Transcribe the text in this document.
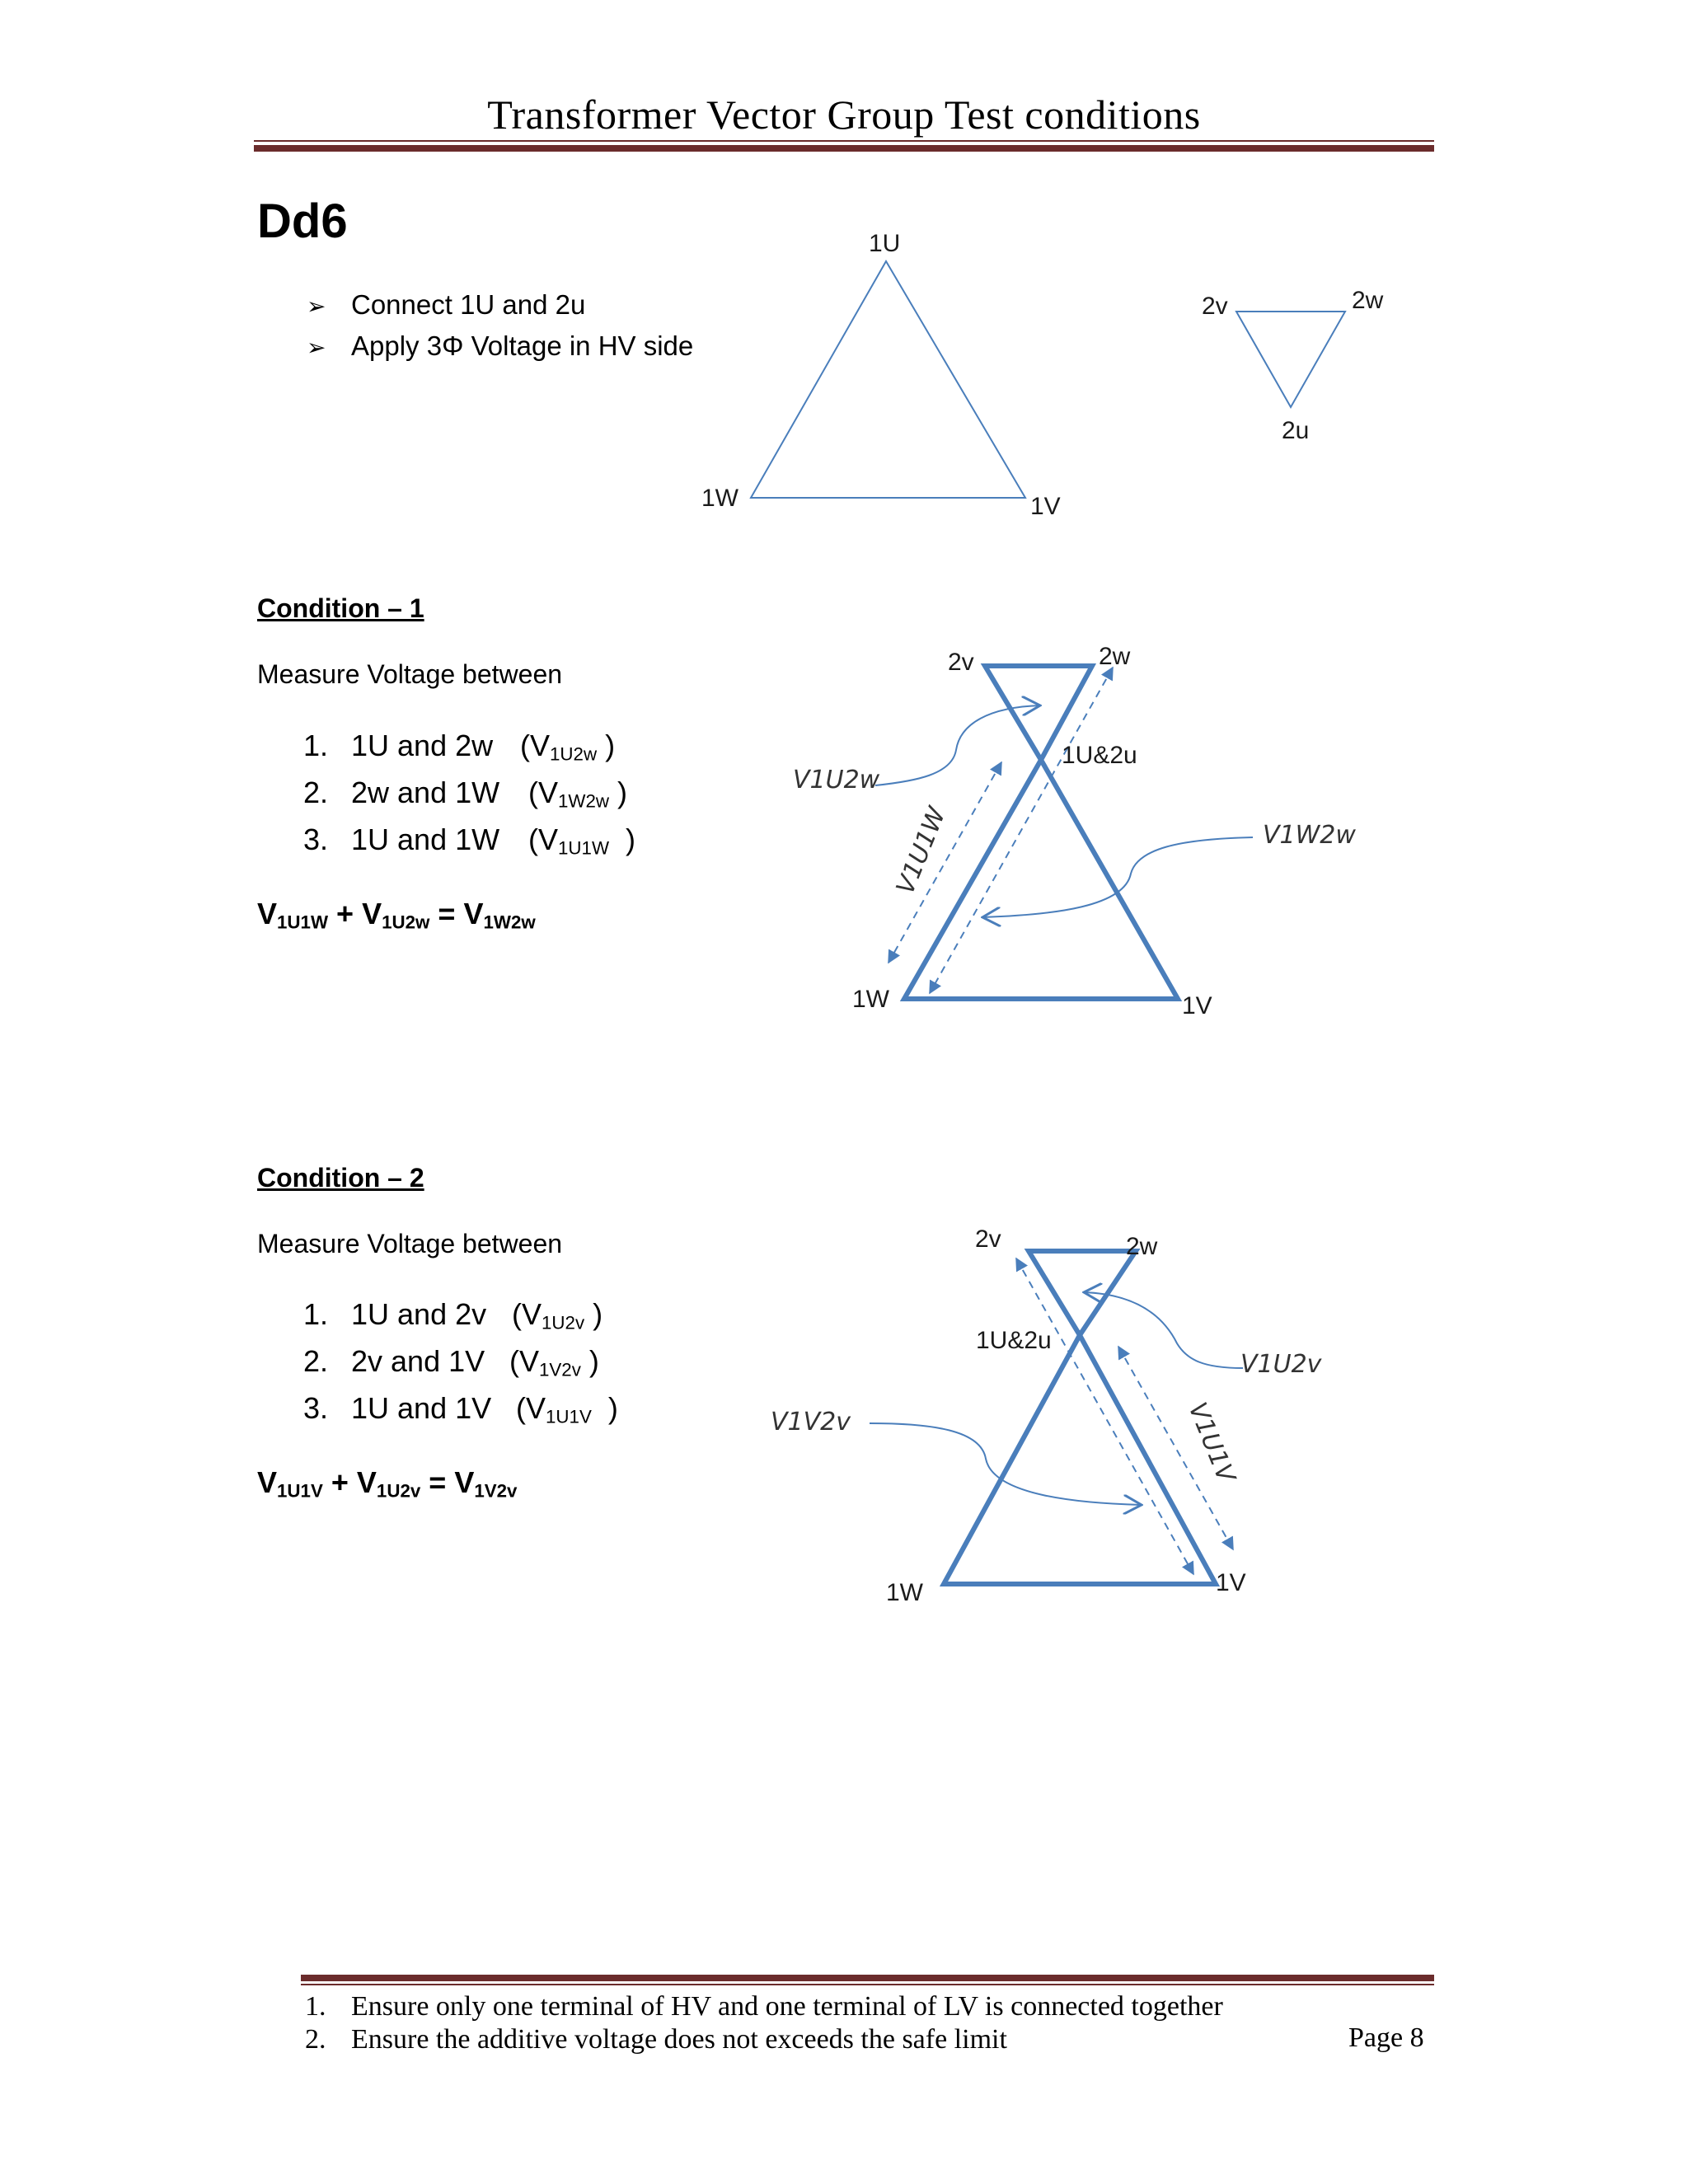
Transformer Vector Group Test conditions
Dd6
➢ Connect 1U and 2u
➢ Apply 3Φ Voltage in HV side
Condition – 1
Measure Voltage between
1. 1U and 2w ($V_{1U2w}$ )
2. 2w and 1W ($V_{1W2w}$ )
3. 1U and 1W ($V_{1U1W}$  )
$V_{1U1W} + V_{1U2w} = V_{1W2w}$
Condition – 2
Measure Voltage between
1. 1U and 2v ($V_{1U2v}$ )
2. 2v and 1V ($V_{1V2v}$ )
3. 1U and 1V ($V_{1U1V}$  )
$V_{1U1V} + V_{1U2v} = V_{1V2v}$
1U
1W	1V
2v	2w
2u
2v	2w
1U&2u
1W	1V
V1U2w
V1W2w
V1U1W
2v	2w
1U&2u
1W	1V
V1V2v
V1U2v
V1U1V
1. Ensure only one terminal of HV and one terminal of LV is connected together
2. Ensure the additive voltage does not exceeds the safe limit	Page 8
